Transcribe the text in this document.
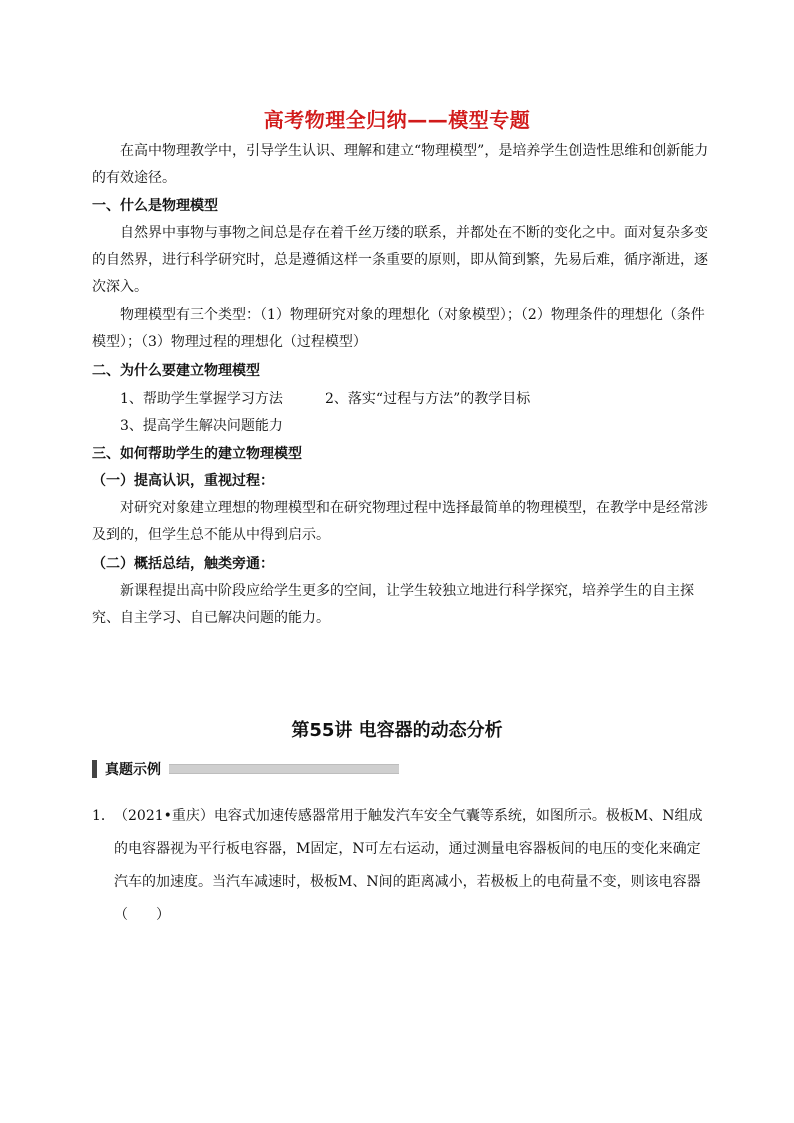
高考物理全归纳——模型专题

在高中物理教学中，引导学生认识、理解和建立“物理模型”，是培养学生创造性思维和创新能力的有效途径。

一、什么是物理模型

自然界中事物与事物之间总是存在着千丝万缕的联系，并都处在不断的变化之中。面对复杂多变的自然界，进行科学研究时，总是遵循这样一条重要的原则，即从简到繁，先易后难，循序渐进，逐次深入。

物理模型有三个类型：（1）物理研究对象的理想化（对象模型）；（2）物理条件的理想化（条件模型）；（3）物理过程的理想化（过程模型）

二、为什么要建立物理模型

1、帮助学生掌握学习方法	2、落实“过程与方法”的教学目标
3、提高学生解决问题能力

三、如何帮助学生的建立物理模型

（一）提高认识，重视过程：

对研究对象建立理想的物理模型和在研究物理过程中选择最简单的物理模型，在教学中是经常涉及到的，但学生总不能从中得到启示。

（二）概括总结，触类旁通：

新课程提出高中阶段应给学生更多的空间，让学生较独立地进行科学探究，培养学生的自主探究、自主学习、自已解决问题的能力。

第55讲 电容器的动态分析
真题示例
1． （2021•重庆）电容式加速传感器常用于触发汽车安全气囊等系统，如图所示。极板M、N组成的电容器视为平行板电容器，M固定，N可左右运动，通过测量电容器板间的电压的变化来确定汽车的加速度。当汽车减速时，极板M、N间的距离减小，若极板上的电荷量不变，则该电容器（　　）
